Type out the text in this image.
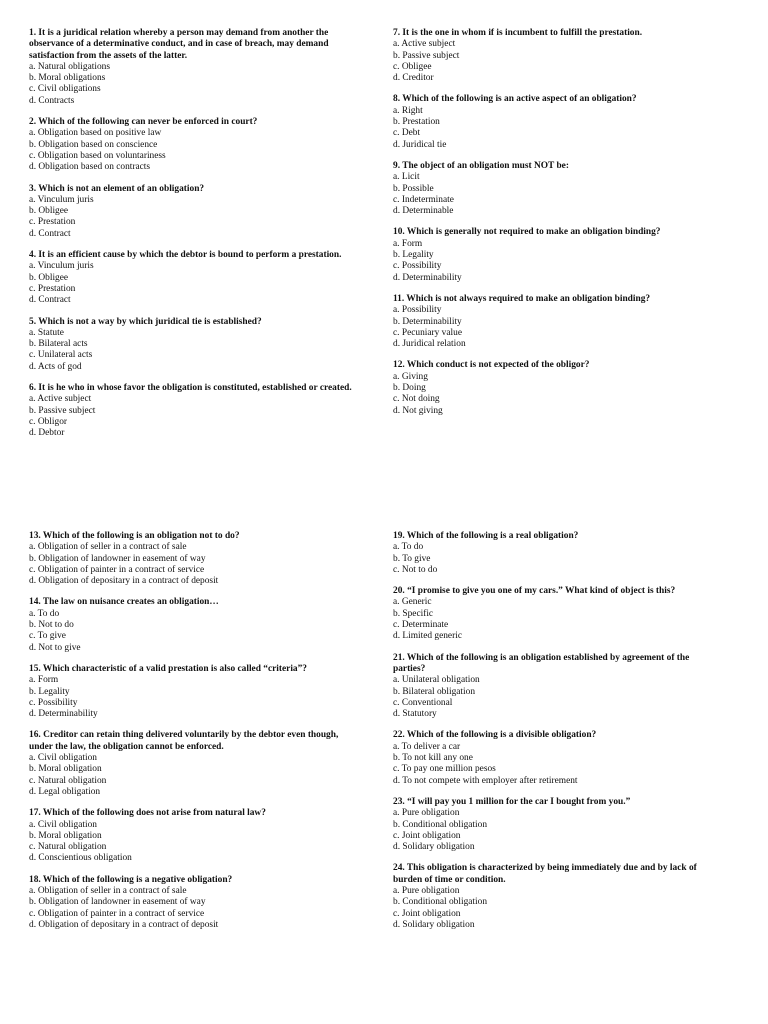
1. It is a juridical relation whereby a person may demand from another the observance of a determinative conduct, and in case of breach, may demand satisfaction from the assets of the latter.
a. Natural obligations
b. Moral obligations
c. Civil obligations
d. Contracts
2. Which of the following can never be enforced in court?
a. Obligation based on positive law
b. Obligation based on conscience
c. Obligation based on voluntariness
d. Obligation based on contracts
3. Which is not an element of an obligation?
a. Vinculum juris
b. Obligee
c. Prestation
d. Contract
4. It is an efficient cause by which the debtor is bound to perform a prestation.
a. Vinculum juris
b. Obligee
c. Prestation
d. Contract
5. Which is not a way by which juridical tie is established?
a. Statute
b. Bilateral acts
c. Unilateral acts
d. Acts of god
6. It is he who in whose favor the obligation is constituted, established or created.
a. Active subject
b. Passive subject
c. Obligor
d. Debtor
7. It is the one in whom if is incumbent to fulfill the prestation.
a. Active subject
b. Passive subject
c. Obligee
d. Creditor
8. Which of the following is an active aspect of an obligation?
a. Right
b. Prestation
c. Debt
d. Juridical tie
9. The object of an obligation must NOT be:
a. Licit
b. Possible
c. Indeterminate
d. Determinable
10. Which is generally not required to make an obligation binding?
a. Form
b. Legality
c. Possibility
d. Determinability
11. Which is not always required to make an obligation binding?
a. Possibility
b. Determinability
c. Pecuniary value
d. Juridical relation
12. Which conduct is not expected of the obligor?
a. Giving
b. Doing
c. Not doing
d. Not giving
13. Which of the following is an obligation not to do?
a. Obligation of seller in a contract of sale
b. Obligation of landowner in easement of way
c. Obligation of painter in a contract of service
d. Obligation of depositary in a contract of deposit
14. The law on nuisance creates an obligation…
a. To do
b. Not to do
c. To give
d. Not to give
15. Which characteristic of a valid prestation is also called “criteria”?
a. Form
b. Legality
c. Possibility
d. Determinability
16. Creditor can retain thing delivered voluntarily by the debtor even though, under the law, the obligation cannot be enforced.
a. Civil obligation
b. Moral obligation
c. Natural obligation
d. Legal obligation
17. Which of the following does not arise from natural law?
a. Civil obligation
b. Moral obligation
c. Natural obligation
d. Conscientious obligation
18. Which of the following is a negative obligation?
a. Obligation of seller in a contract of sale
b. Obligation of landowner in easement of way
c. Obligation of painter in a contract of service
d. Obligation of depositary in a contract of deposit
19. Which of the following is a real obligation?
a. To do
b. To give
c. Not to do
20. “I promise to give you one of my cars.” What kind of object is this?
a. Generic
b. Specific
c. Determinate
d. Limited generic
21. Which of the following is an obligation established by agreement of the parties?
a. Unilateral obligation
b. Bilateral obligation
c. Conventional
d. Statutory
22. Which of the following is a divisible obligation?
a. To deliver a car
b. To not kill any one
c. To pay one million pesos
d. To not compete with employer after retirement
23. “I will pay you 1 million for the car I bought from you.”
a. Pure obligation
b. Conditional obligation
c. Joint obligation
d. Solidary obligation
24. This obligation is characterized by being immediately due and by lack of burden of time or condition.
a. Pure obligation
b. Conditional obligation
c. Joint obligation
d. Solidary obligation
